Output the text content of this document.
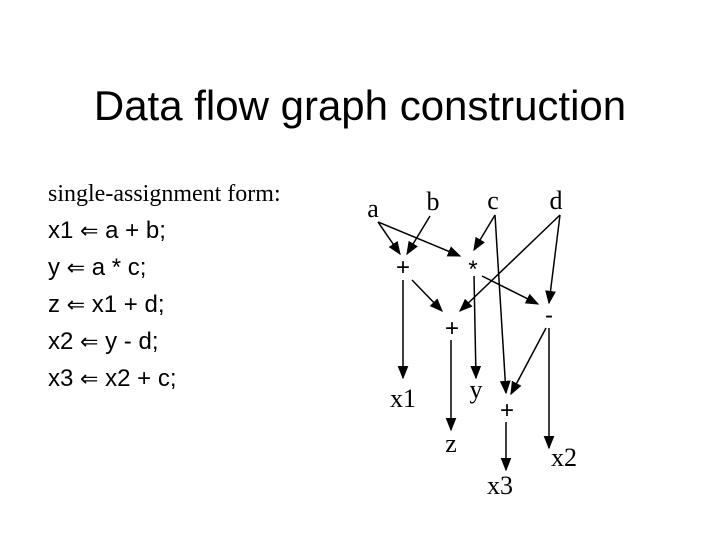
Data flow graph construction
single-assignment form:
x1 ⇐ a + b;
y ⇐ a * c;
z ⇐ x1 + d;
x2 ⇐ y - d;
x3 ⇐ x2 + c;
a b c d
+ *
+	-
+
x1 y
z	x2
x3
